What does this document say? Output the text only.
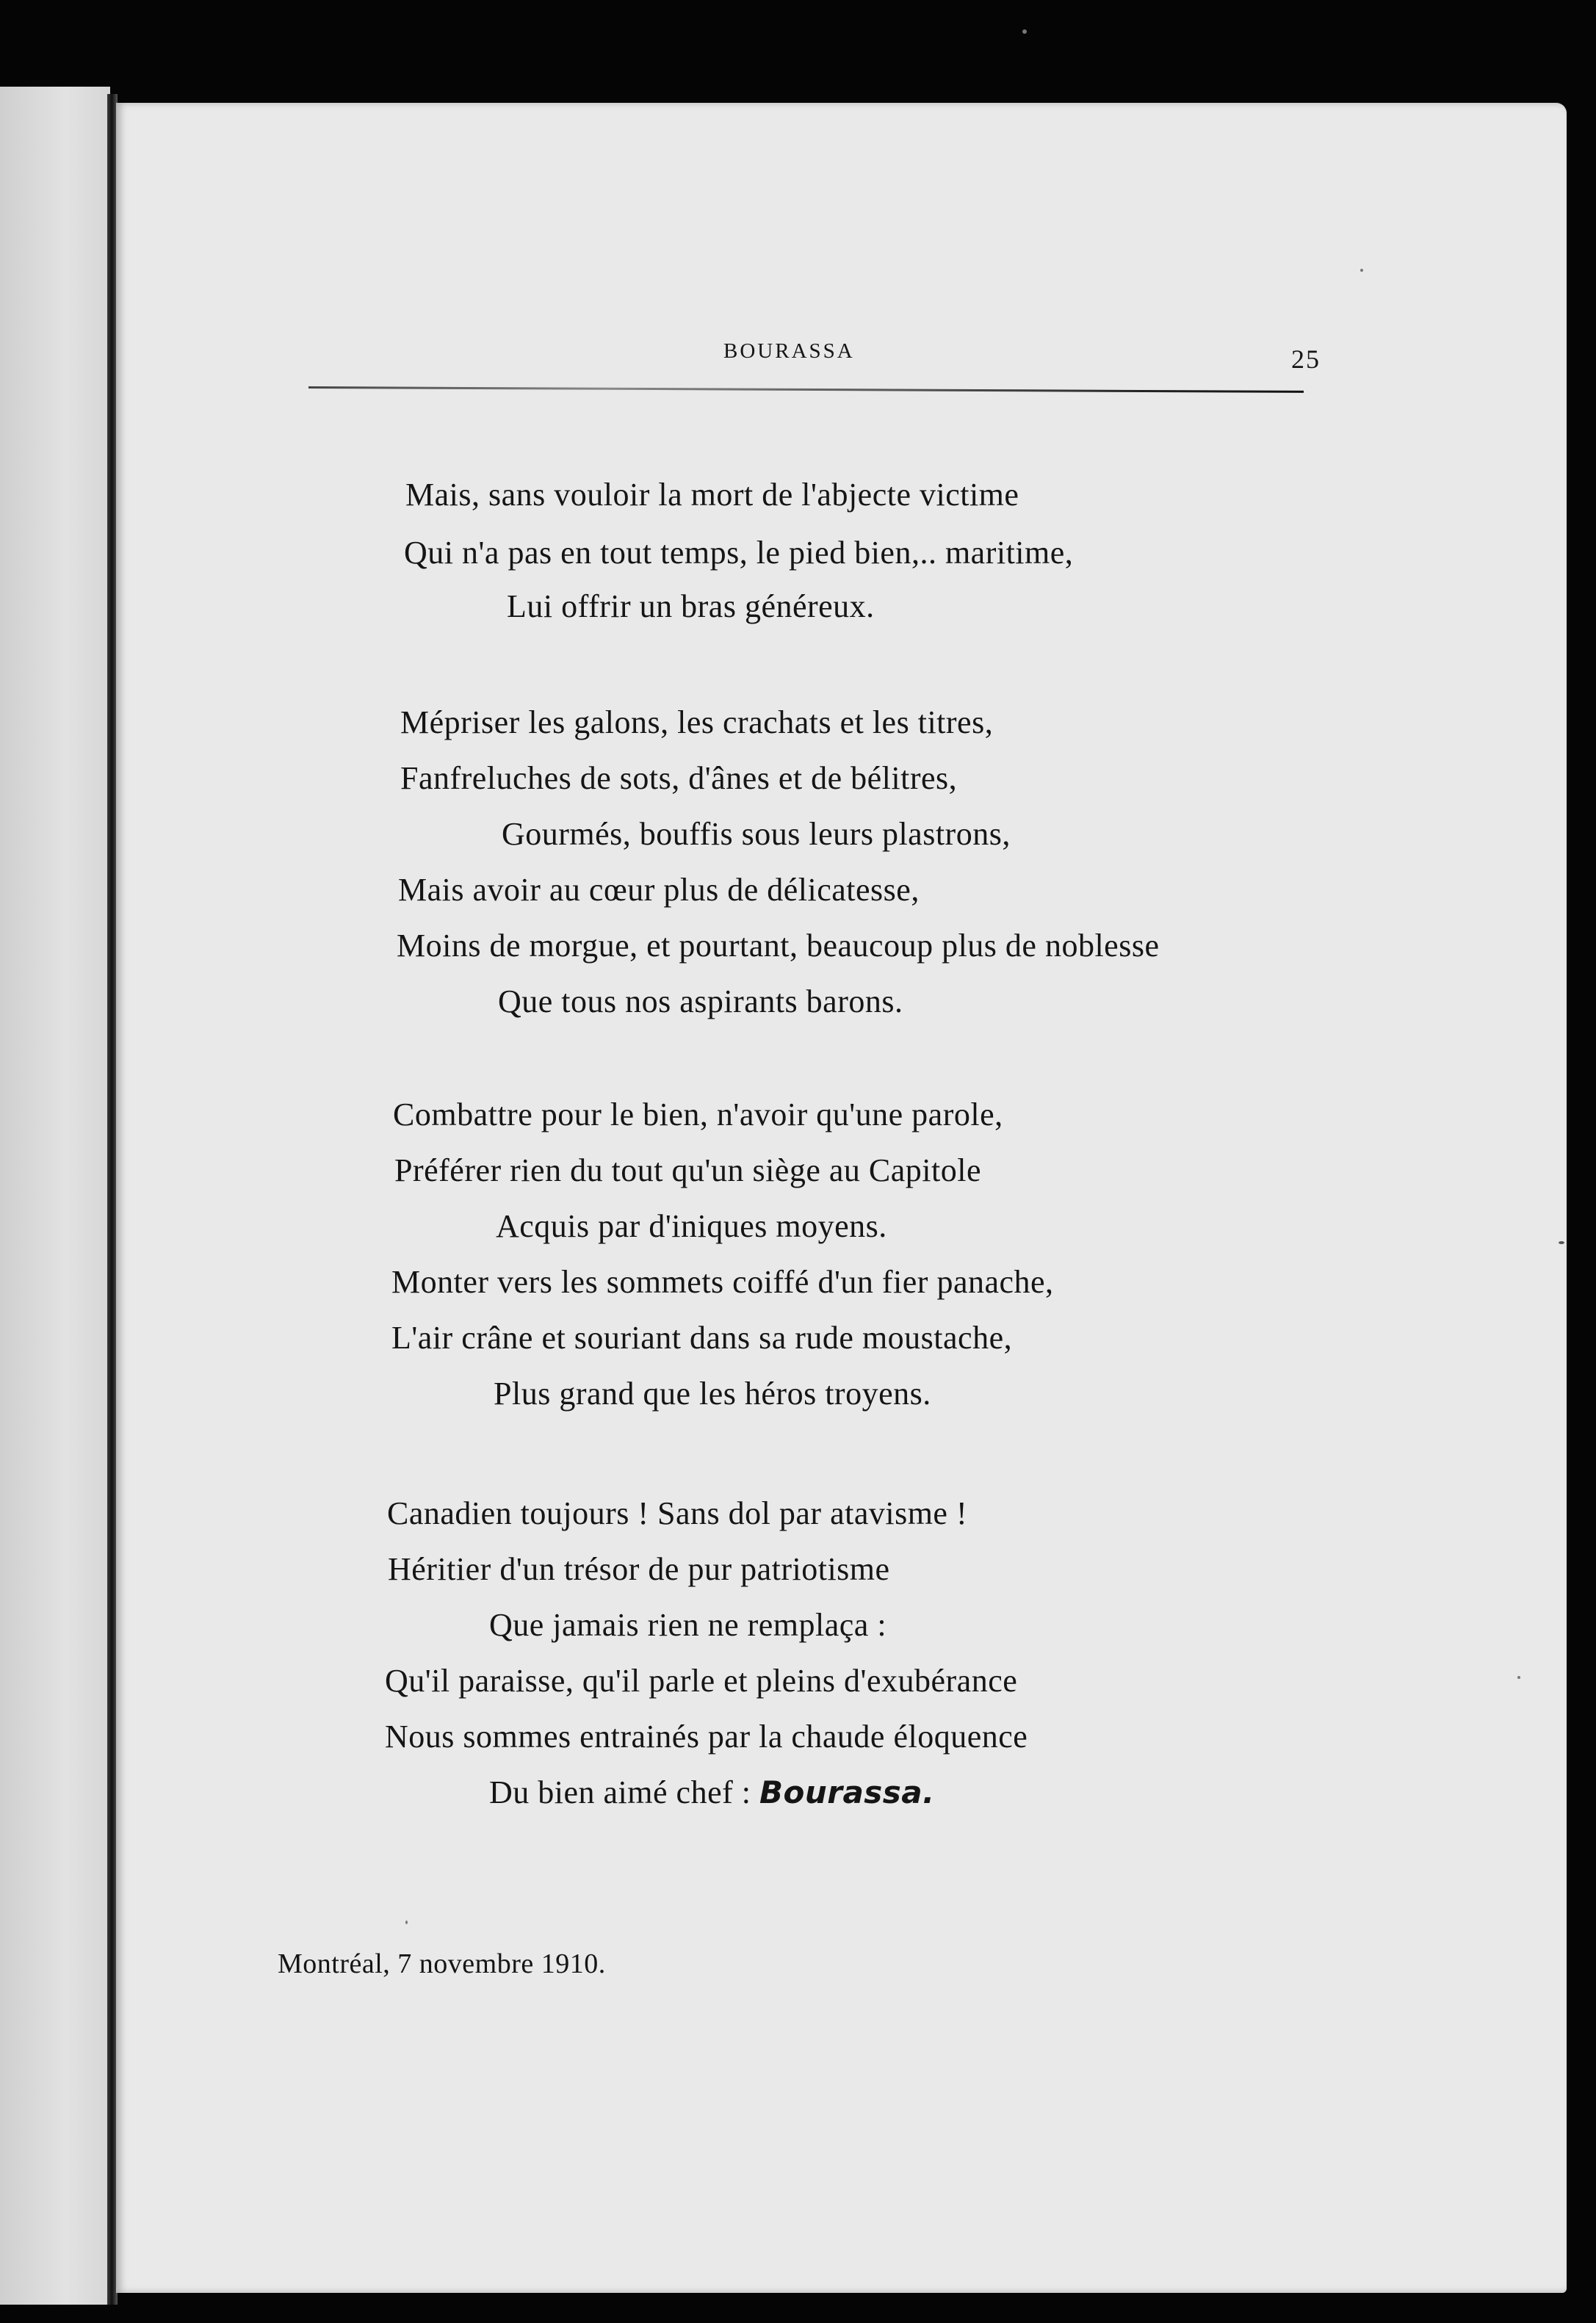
BOURASSA	25
Mais, sans vouloir la mort de l'abjecte victime
Qui n'a pas en tout temps, le pied bien,.. maritime,
Lui offrir un bras généreux.
Mépriser les galons, les crachats et les titres,
Fanfreluches de sots, d'ânes et de bélitres,
Gourmés, bouffis sous leurs plastrons,
Mais avoir au cœur plus de délicatesse,
Moins de morgue, et pourtant, beaucoup plus de noblesse
Que tous nos aspirants barons.
Combattre pour le bien, n'avoir qu'une parole,
Préférer rien du tout qu'un siège au Capitole
Acquis par d'iniques moyens.
Monter vers les sommets coiffé d'un fier panache,
L'air crâne et souriant dans sa rude moustache,
Plus grand que les héros troyens.
Canadien toujours ! Sans dol par atavisme !
Héritier d'un trésor de pur patriotisme
Que jamais rien ne remplaça :
Qu'il paraisse, qu'il parle et pleins d'exubérance
Nous sommes entrainés par la chaude éloquence
Du bien aimé chef : Bourassa.
Montréal, 7 novembre 1910.
